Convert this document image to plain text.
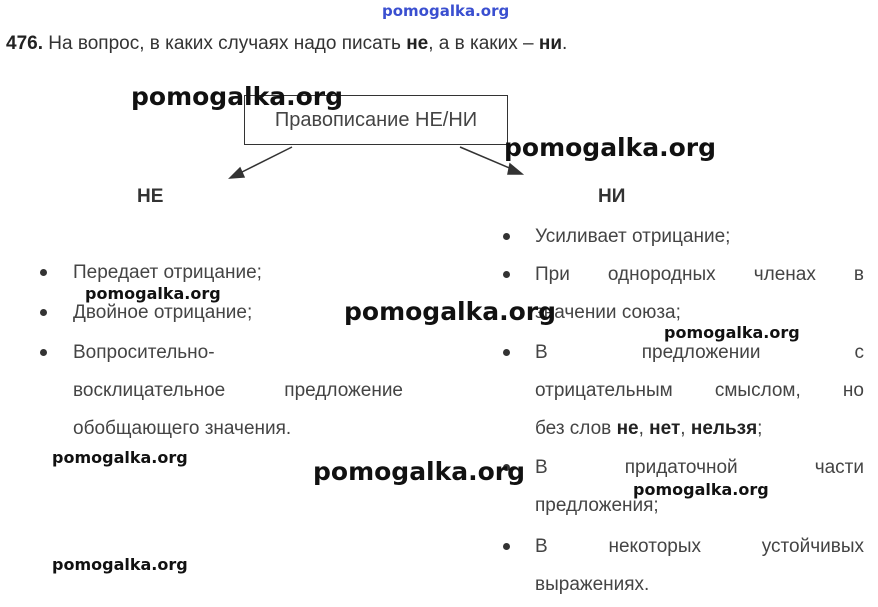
pomogalka.org
476. На вопрос, в каких случаях надо писать не, а в каких – ни.
Правописание НЕ/НИ
НЕ	НИ
Передает отрицание;
Двойное отрицание;
Вопросительно-
восклицательное предложение
обобщающего значения.
Усиливает отрицание;
При однородных членах в
значении союза;
В предложении с
отрицательным смыслом, но
без слов не, нет, нельзя;
В придаточной части
предложения;
В некоторых устойчивых
выражениях.
pomogalka.org
pomogalka.org
pomogalka.org
pomogalka.org
pomogalka.org
pomogalka.org	pomogalka.org
pomogalka.org
pomogalka.org
